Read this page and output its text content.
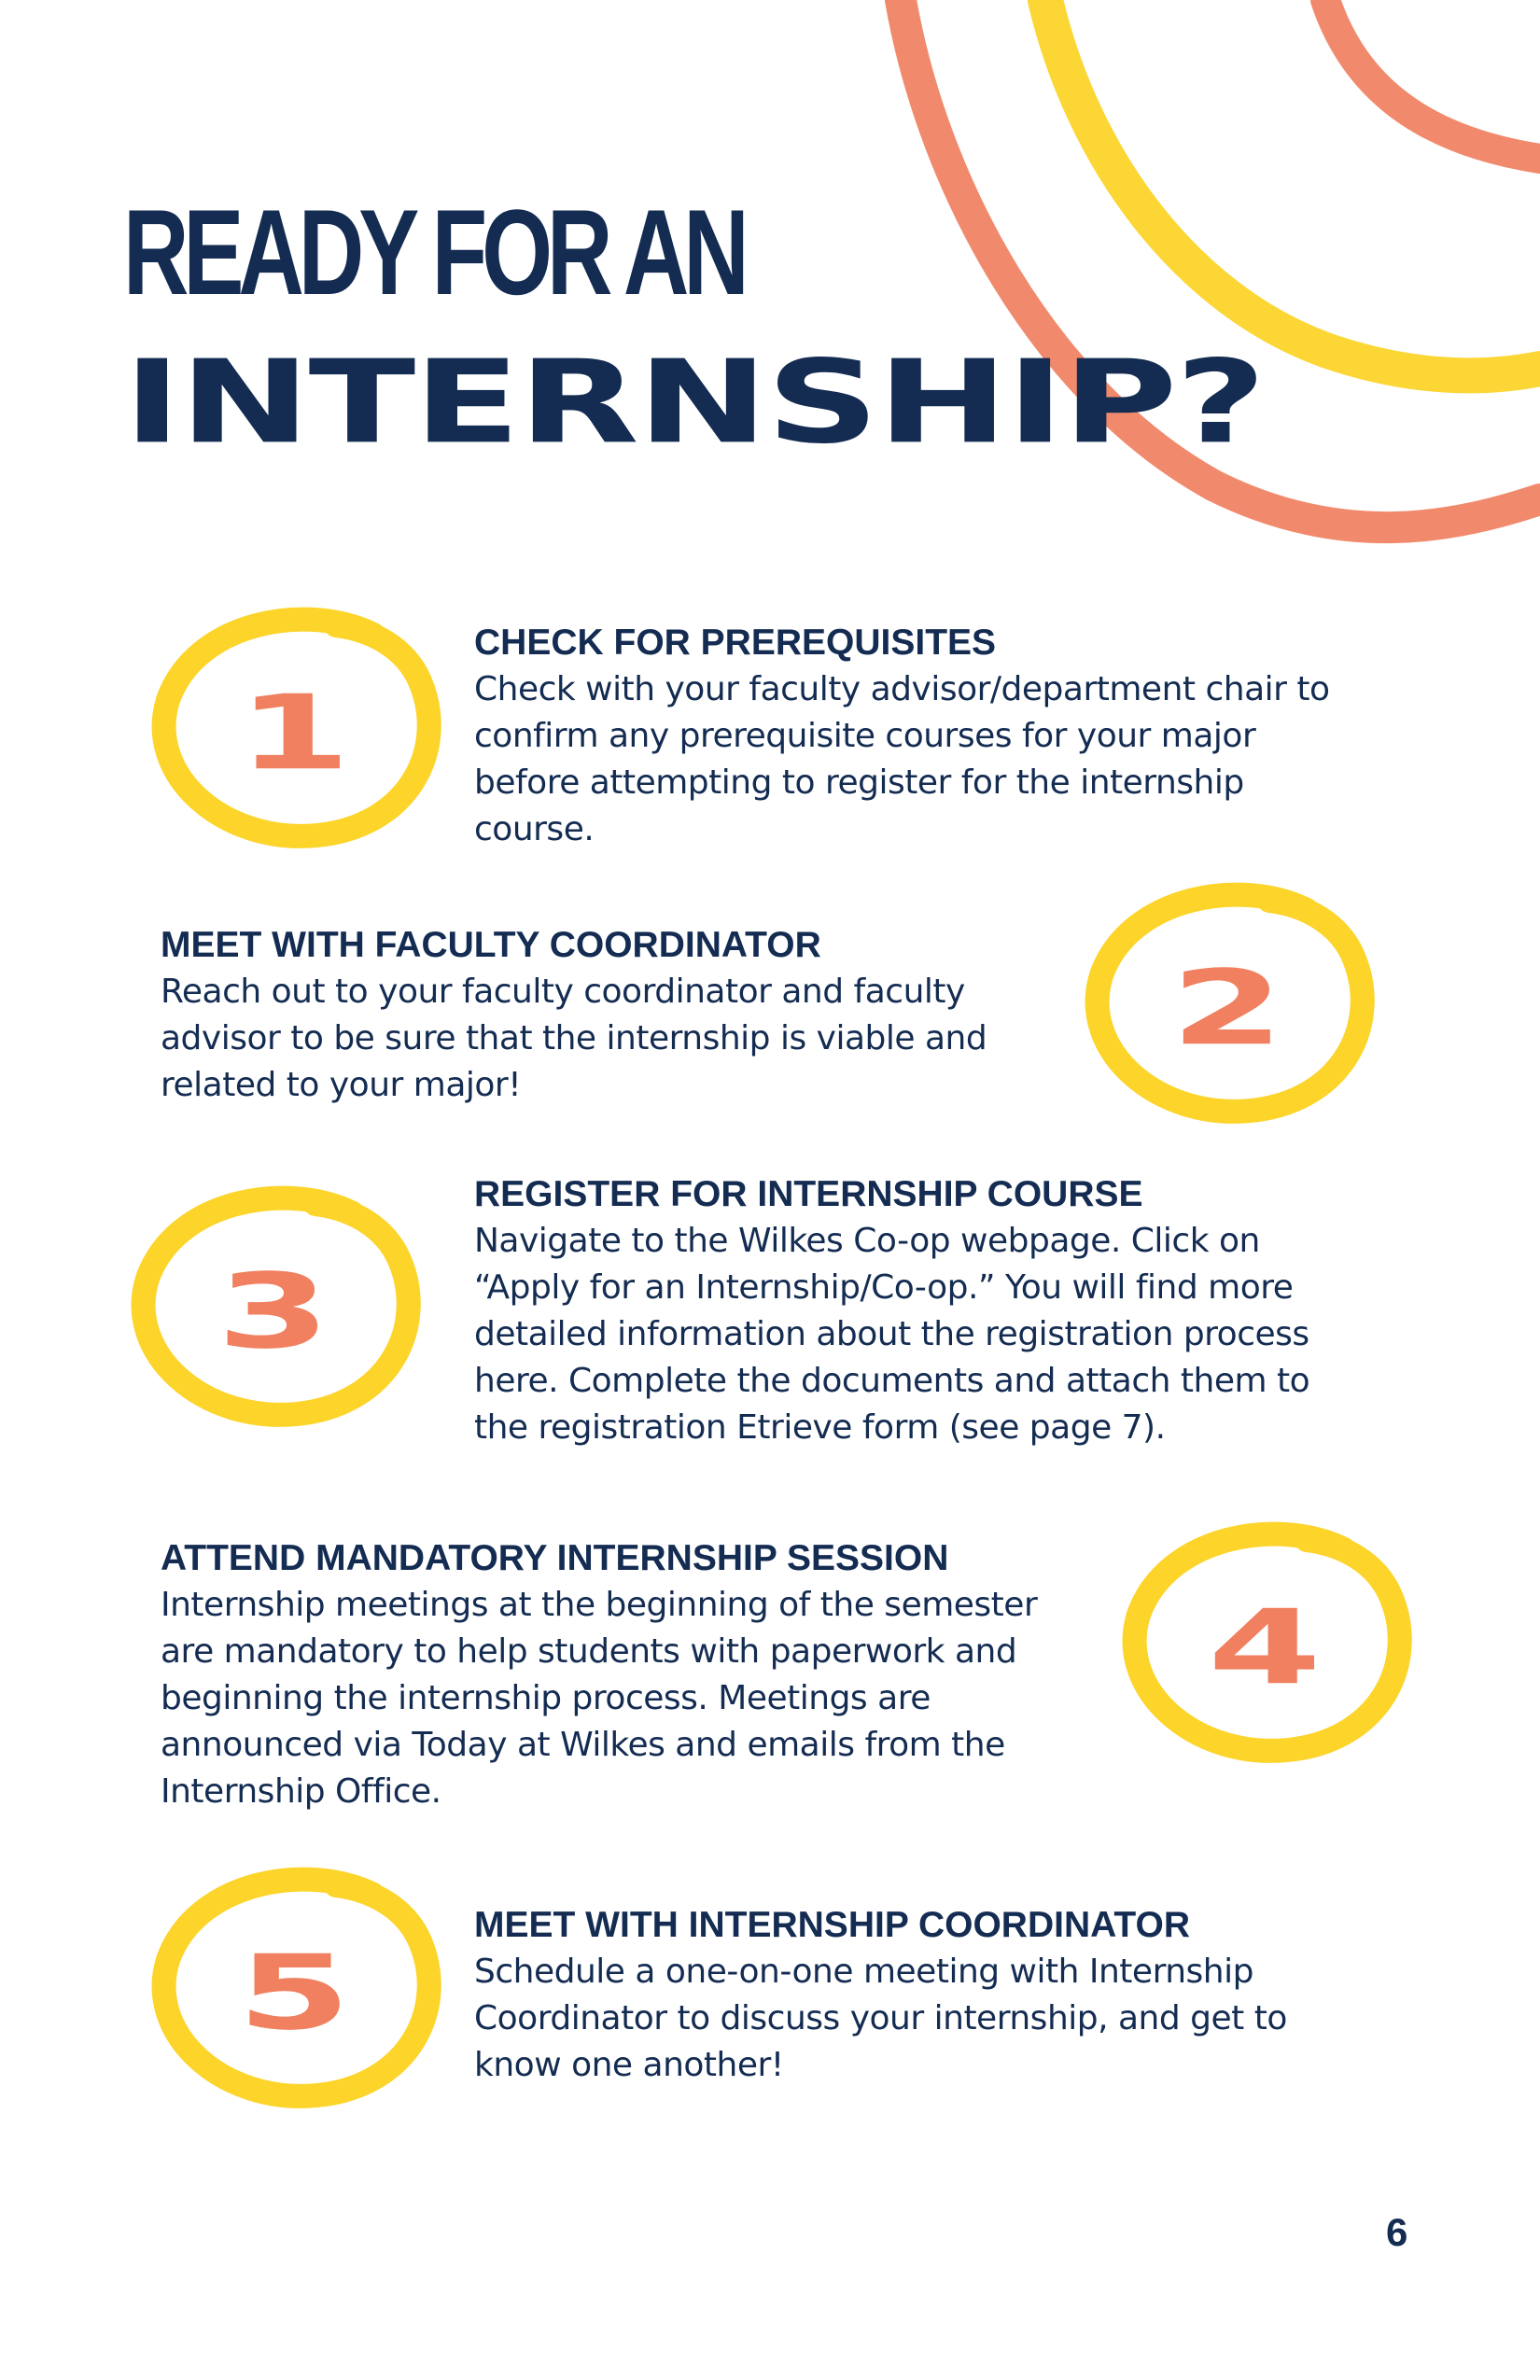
READY FOR AN
INTERNSHIP?
1
CHECK FOR PREREQUISITES
Check with your faculty advisor/department chair to confirm any prerequisite courses for your major before attempting to register for the internship course.
MEET WITH FACULTY COORDINATOR
Reach out to your faculty coordinator and faculty advisor to be sure that the internship is viable and related to your major!
2
3
REGISTER FOR INTERNSHIP COURSE
Navigate to the Wilkes Co-op webpage. Click on “Apply for an Internship/Co-op.” You will find more detailed information about the registration process here. Complete the documents and attach them to the registration Etrieve form (see page 7).
ATTEND MANDATORY INTERNSHIP SESSION
Internship meetings at the beginning of the semester are mandatory to help students with paperwork and beginning the internship process. Meetings are announced via Today at Wilkes and emails from the Internship Office.
4
5
MEET WITH INTERNSHIP COORDINATOR
Schedule a one-on-one meeting with Internship Coordinator to discuss your internship, and get to know one another!
6
